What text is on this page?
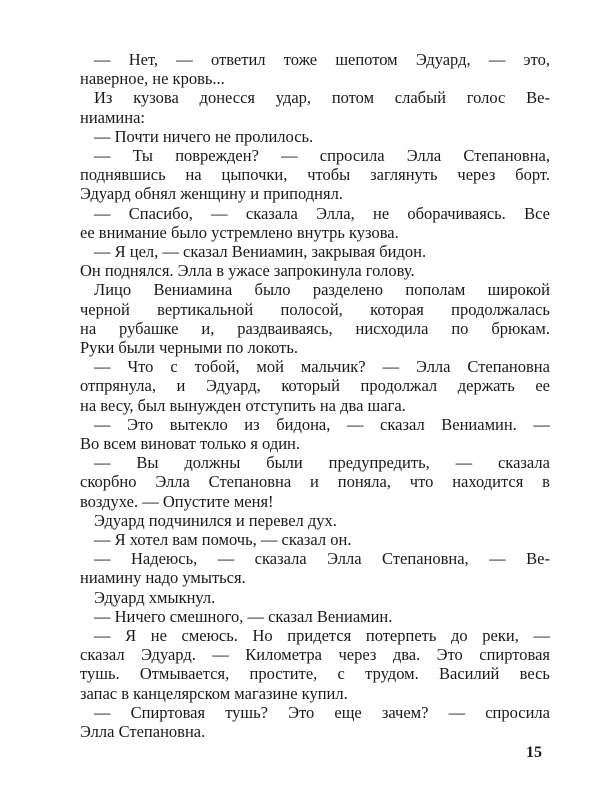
— Нет, — ответил тоже шепотом Эдуард, — это,
наверное, не кровь...
Из кузова донесся удар, потом слабый голос Ве-
ниамина:
— Почти ничего не пролилось.
— Ты поврежден? — спросила Элла Степановна,
поднявшись на цыпочки, чтобы заглянуть через борт.
Эдуард обнял женщину и приподнял.
— Спасибо, — сказала Элла, не оборачиваясь. Все
ее внимание было устремлено внутрь кузова.
— Я цел, — сказал Вениамин, закрывая бидон.
Он поднялся. Элла в ужасе запрокинула голову.
Лицо Вениамина было разделено пополам широкой
черной вертикальной полосой, которая продолжалась
на рубашке и, раздваиваясь, нисходила по брюкам.
Руки были черными по локоть.
— Что с тобой, мой мальчик? — Элла Степановна
отпрянула, и Эдуард, который продолжал держать ее
на весу, был вынужден отступить на два шага.
— Это вытекло из бидона, — сказал Вениамин. —
Во всем виноват только я один.
— Вы должны были предупредить, — сказала
скорбно Элла Степановна и поняла, что находится в
воздухе. — Опустите меня!
Эдуард подчинился и перевел дух.
— Я хотел вам помочь, — сказал он.
— Надеюсь, — сказала Элла Степановна, — Ве-
ниамину надо умыться.
Эдуард хмыкнул.
— Ничего смешного, — сказал Вениамин.
— Я не смеюсь. Но придется потерпеть до реки, —
сказал Эдуард. — Километра через два. Это спиртовая
тушь. Отмывается, простите, с трудом. Василий весь
запас в канцелярском магазине купил.
— Спиртовая тушь? Это еще зачем? — спросила
Элла Степановна.
15
